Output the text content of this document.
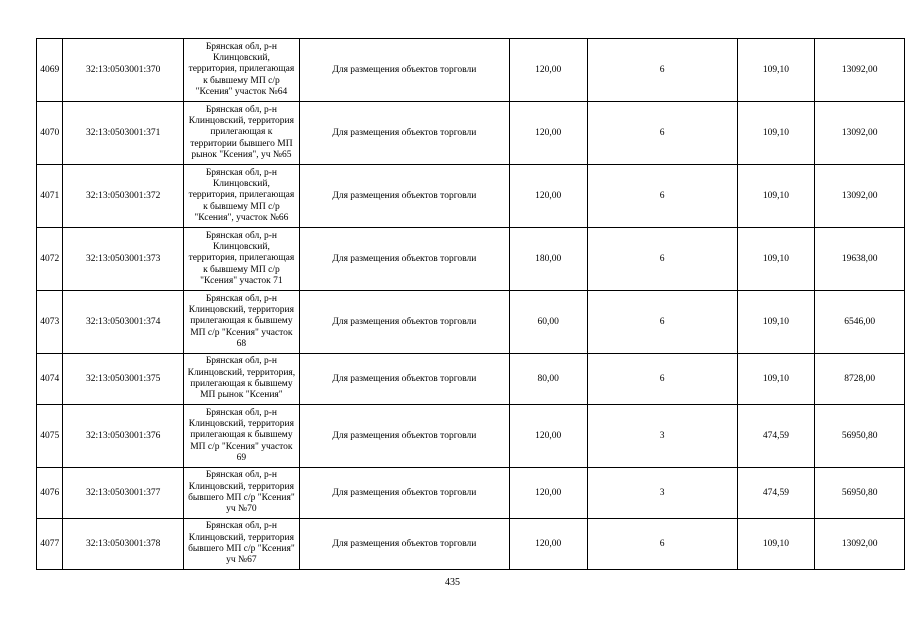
4069	32:13:0503001:370	Брянская обл, р-н
Клинцовский,
территория, прилегающая
к бывшему МП с/р
"Ксения" участок №64	Для размещения объектов торговли	120,00	6	109,10	13092,00
4070	32:13:0503001:371	Брянская обл, р-н
Клинцовский, территория
прилегающая к
территории бывшего МП
рынок "Ксения", уч №65	Для размещения объектов торговли	120,00	6	109,10	13092,00
4071	32:13:0503001:372	Брянская обл, р-н
Клинцовский,
территория, прилегающая
к бывшему МП с/р
"Ксения", участок №66	Для размещения объектов торговли	120,00	6	109,10	13092,00
4072	32:13:0503001:373	Брянская обл, р-н
Клинцовский,
территория, прилегающая
к бывшему МП с/р
"Ксения" участок 71	Для размещения объектов торговли	180,00	6	109,10	19638,00
4073	32:13:0503001:374	Брянская обл, р-н
Клинцовский, территория
прилегающая к бывшему
МП с/р "Ксения" участок
68	Для размещения объектов торговли	60,00	6	109,10	6546,00
4074	32:13:0503001:375	Брянская обл, р-н
Клинцовский, территория,
прилегающая к бывшему
МП рынок "Ксения"	Для размещения объектов торговли	80,00	6	109,10	8728,00
4075	32:13:0503001:376	Брянская обл, р-н
Клинцовский, территория
прилегающая к бывшему
МП с/р "Ксения" участок
69	Для размещения объектов торговли	120,00	3	474,59	56950,80
4076	32:13:0503001:377	Брянская обл, р-н
Клинцовский, территория
бывшего МП с/р "Ксения"
уч №70	Для размещения объектов торговли	120,00	3	474,59	56950,80
4077	32:13:0503001:378	Брянская обл, р-н
Клинцовский, территория
бывшего МП с/р "Ксения"
уч №67	Для размещения объектов торговли	120,00	6	109,10	13092,00
435
